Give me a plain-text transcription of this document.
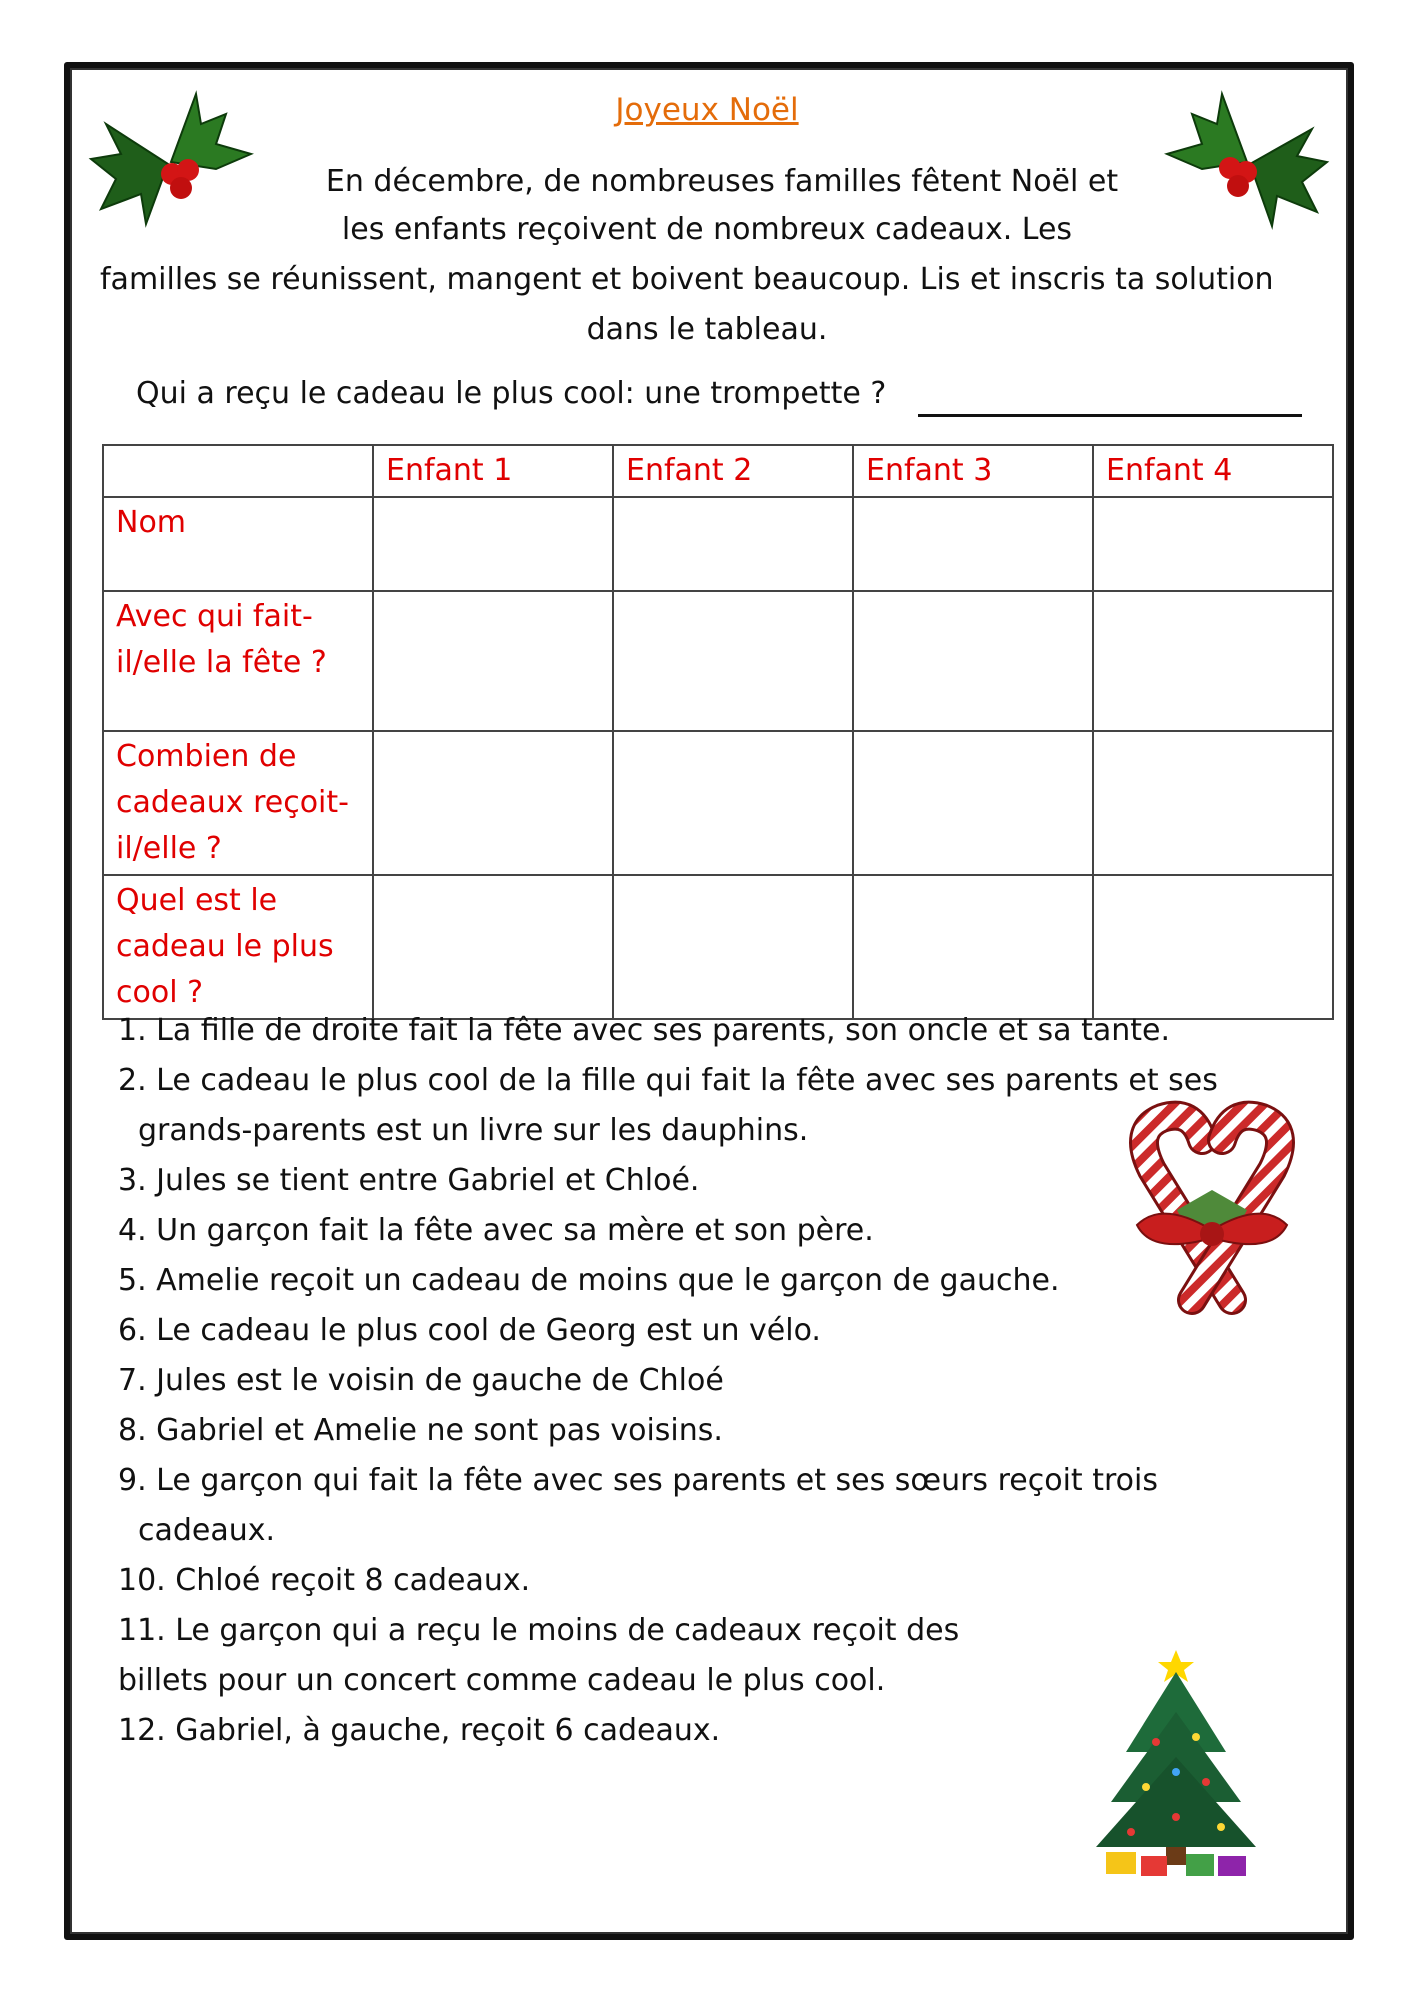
Joyeux Noël
En décembre, de nombreuses familles fêtent Noël et
les enfants reçoivent de nombreux cadeaux. Les
familles se réunissent, mangent et boivent beaucoup. Lis et inscris ta solution
dans le tableau.
Qui a reçu le cadeau le plus cool: une trompette ?
	Enfant 1	Enfant 2	Enfant 3	Enfant 4
Nom				

Avec qui fait-
il/elle la fête ?				

Combien de
cadeaux reçoit-
il/elle ?				

Quel est le
cadeau le plus
cool ?				

1. La fille de droite fait la fête avec ses parents, son oncle et sa tante.
2. Le cadeau le plus cool de la fille qui fait la fête avec ses parents et ses
grands-parents est un livre sur les dauphins.
3. Jules se tient entre Gabriel et Chloé.
4. Un garçon fait la fête avec sa mère et son père.
5. Amelie reçoit un cadeau de moins que le garçon de gauche.
6. Le cadeau le plus cool de Georg est un vélo.
7. Jules est le voisin de gauche de Chloé
8. Gabriel et Amelie ne sont pas voisins.
9. Le garçon qui fait la fête avec ses parents et ses sœurs reçoit trois
cadeaux.
10. Chloé reçoit 8 cadeaux.
11. Le garçon qui a reçu le moins de cadeaux reçoit des
billets pour un concert comme cadeau le plus cool.
12. Gabriel, à gauche, reçoit 6 cadeaux.
